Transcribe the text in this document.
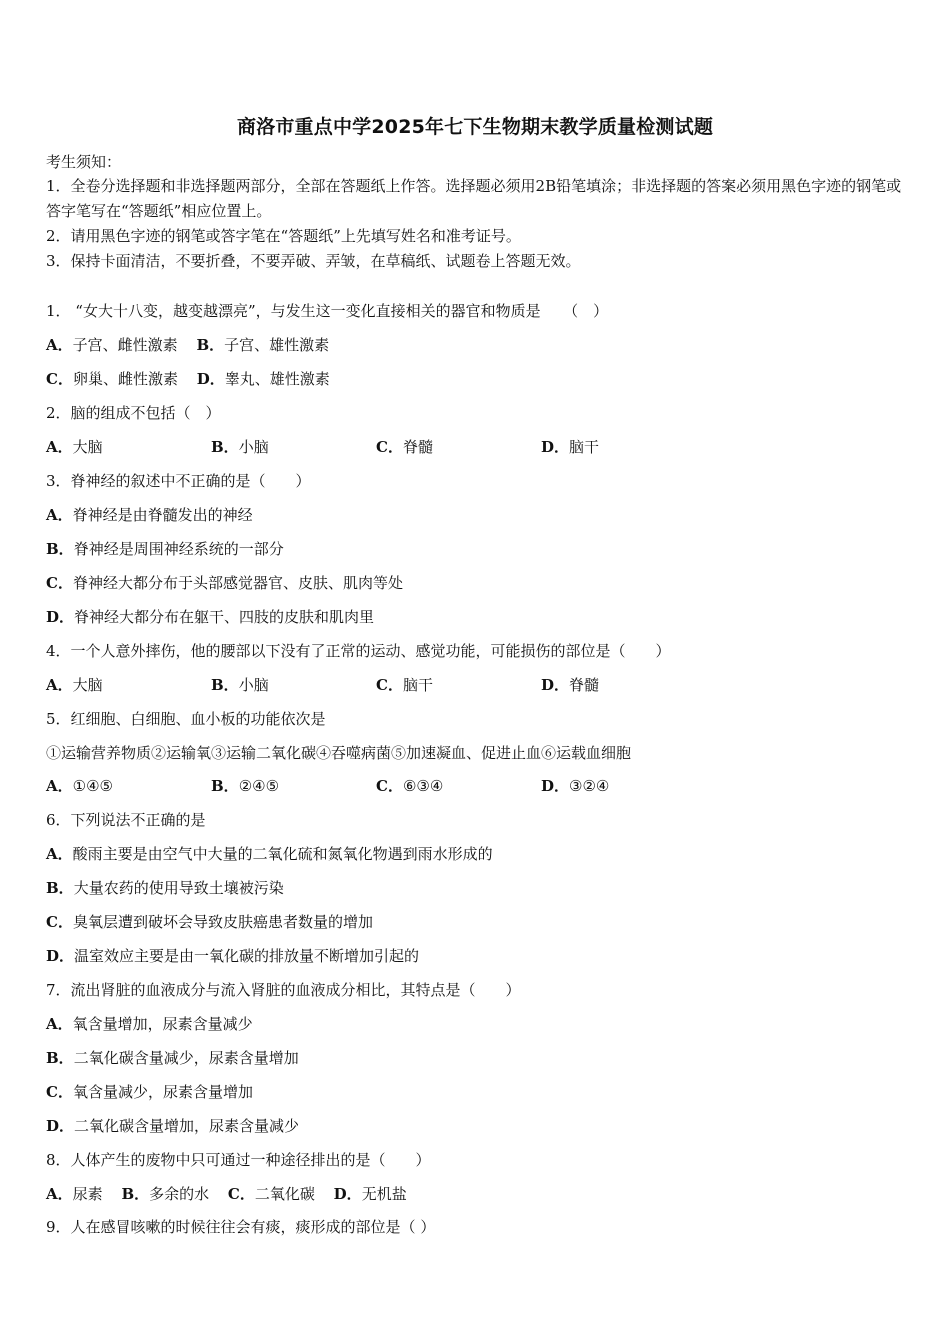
商洛市重点中学2025年七下生物期末教学质量检测试题
考生须知：
1．全卷分选择题和非选择题两部分，全部在答题纸上作答。选择题必须用2B铅笔填涂；非选择题的答案必须用黑色字迹的钢笔或答字笔写在“答题纸”相应位置上。
2．请用黑色字迹的钢笔或答字笔在“答题纸”上先填写姓名和准考证号。
3．保持卡面清洁，不要折叠，不要弄破、弄皱，在草稿纸、试题卷上答题无效。
1． “女大十八变，越变越漂亮”，与发生这一变化直接相关的器官和物质是　　（　）
A．子宫、雌性激素 B．子宫、雄性激素
C．卵巢、雌性激素 D．睾丸、雄性激素
2．脑的组成不包括（　）
A．大脑	B．小脑	C．脊髓	D．脑干
3．脊神经的叙述中不正确的是（　　）
A．脊神经是由脊髓发出的神经
B．脊神经是周围神经系统的一部分
C．脊神经大都分布于头部感觉器官、皮肤、肌肉等处
D．脊神经大都分布在躯干、四肢的皮肤和肌肉里
4．一个人意外摔伤，他的腰部以下没有了正常的运动、感觉功能，可能损伤的部位是（　　）
A．大脑	B．小脑	C．脑干	D．脊髓
5．红细胞、白细胞、血小板的功能依次是
①运输营养物质②运输氧③运输二氧化碳④吞噬病菌⑤加速凝血、促进止血⑥运载血细胞
A．①④⑤	B．②④⑤	C．⑥③④	D．③②④
6．下列说法不正确的是
A．酸雨主要是由空气中大量的二氧化硫和氮氧化物遇到雨水形成的
B．大量农药的使用导致土壤被污染
C．臭氧层遭到破坏会导致皮肤癌患者数量的增加
D．温室效应主要是由一氧化碳的排放量不断增加引起的
7．流出肾脏的血液成分与流入肾脏的血液成分相比，其特点是（　　）
A．氧含量增加，尿素含量减少
B．二氧化碳含量减少，尿素含量增加
C．氧含量减少，尿素含量增加
D．二氧化碳含量增加，尿素含量减少
8．人体产生的废物中只可通过一种途径排出的是（　　）
A．尿素 B．多余的水 C．二氧化碳 D．无机盐
9．人在感冒咳嗽的时候往往会有痰，痰形成的部位是（ ）
